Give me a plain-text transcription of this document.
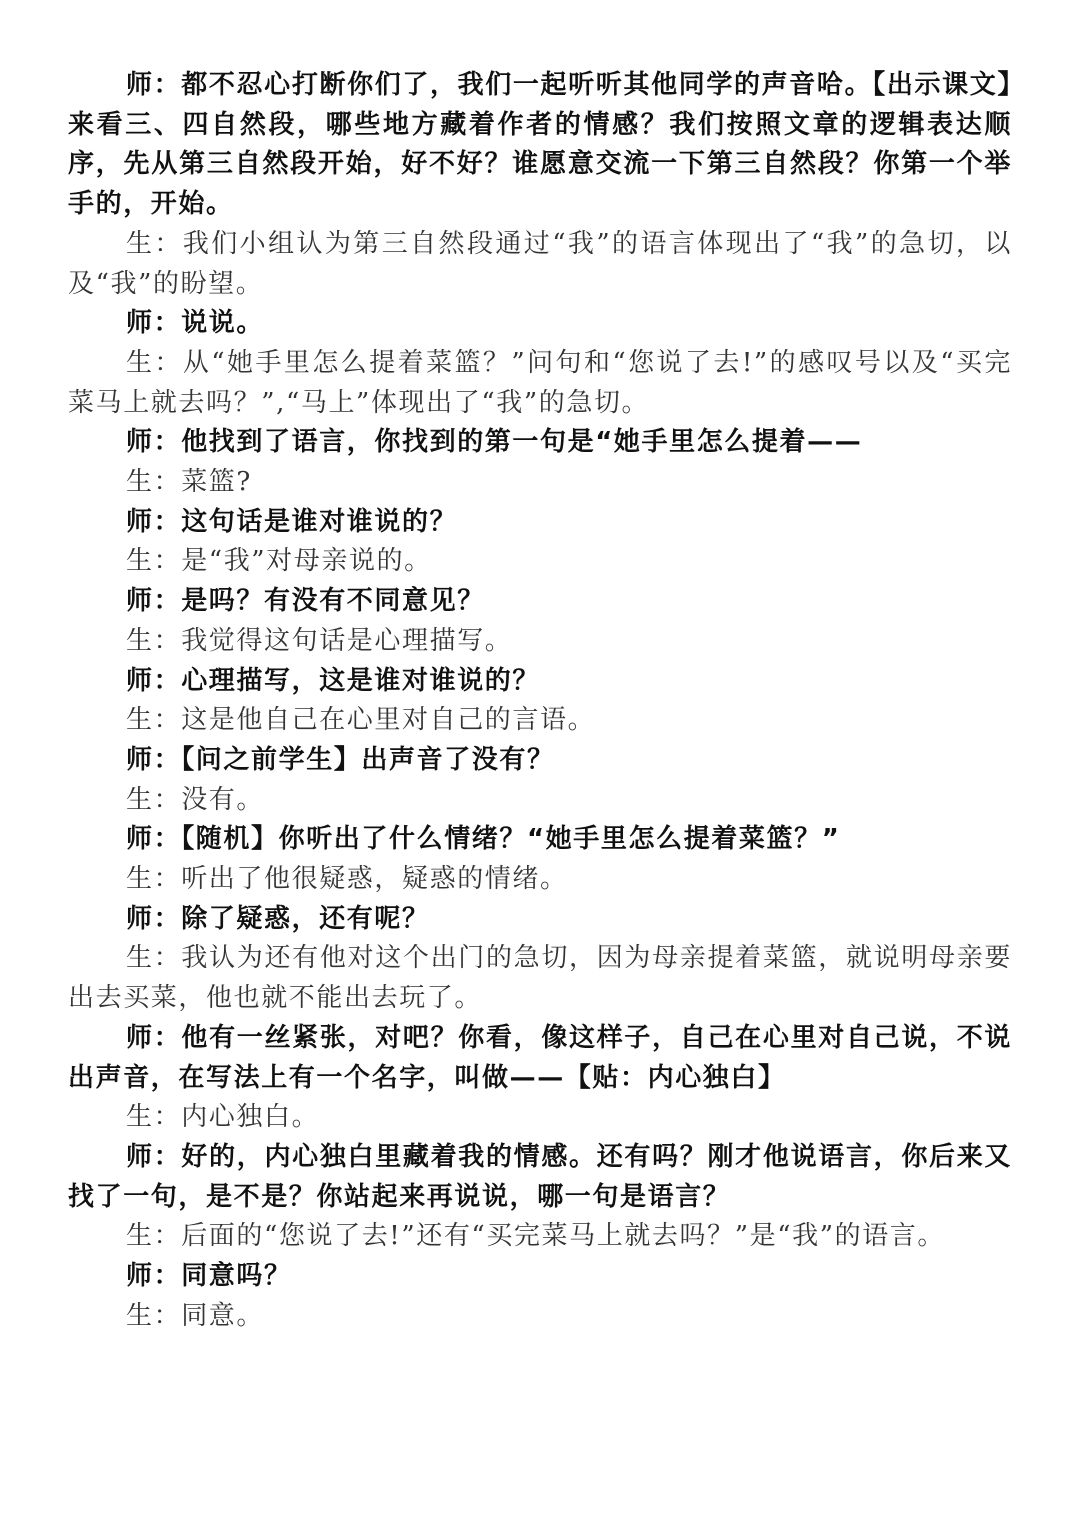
师：都不忍心打断你们了，我们一起听听其他同学的声音哈。【出示课文】来看三、四自然段，哪些地方藏着作者的情感？我们按照文章的逻辑表达顺序，先从第三自然段开始，好不好？谁愿意交流一下第三自然段？你第一个举手的，开始。

生：我们小组认为第三自然段通过“我”的语言体现出了“我”的急切，以及“我”的盼望。

师：说说。

生：从“她手里怎么提着菜篮？”问句和“您说了去!”的感叹号以及“买完菜马上就去吗？”,“马上”体现出了“我”的急切。

师：他找到了语言，你找到的第一句是“她手里怎么提着——

生：菜篮?

师：这句话是谁对谁说的？

生：是“我”对母亲说的。

师：是吗？有没有不同意见？

生：我觉得这句话是心理描写。

师：心理描写，这是谁对谁说的？

生：这是他自己在心里对自己的言语。

师：【问之前学生】出声音了没有？

生：没有。

师：【随机】你听出了什么情绪？“她手里怎么提着菜篮？”

生：听出了他很疑惑，疑惑的情绪。

师：除了疑惑，还有呢？

生：我认为还有他对这个出门的急切，因为母亲提着菜篮，就说明母亲要出去买菜，他也就不能出去玩了。

师：他有一丝紧张，对吧？你看，像这样子，自己在心里对自己说，不说出声音，在写法上有一个名字，叫做——【贴：内心独白】

生：内心独白。

师：好的，内心独白里藏着我的情感。还有吗？刚才他说语言，你后来又找了一句，是不是？你站起来再说说，哪一句是语言？

生：后面的“您说了去!”还有“买完菜马上就去吗？”是“我”的语言。

师：同意吗？

生：同意。
